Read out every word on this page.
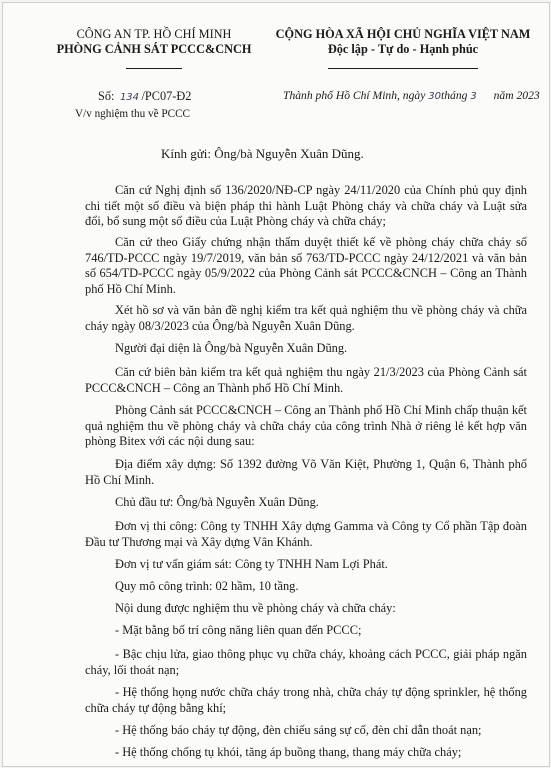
CÔNG AN TP. HỒ CHÍ MINH
PHÒNG CẢNH SÁT PCCC&CNCH
CỘNG HÒA XÃ HỘI CHỦ NGHĨA VIỆT NAM
Độc lập - Tự do - Hạnh phúc
Số: 134 /PC07-Đ2
V/v nghiệm thu về PCCC
Thành phố Hồ Chí Minh, ngày 30tháng 3 năm 2023
Kính gửi: Ông/bà Nguyễn Xuân Dũng.

Căn cứ Nghị định số 136/2020/NĐ-CP ngày 24/11/2020 của Chính phủ quy định chi tiết một số điều và biện pháp thi hành Luật Phòng cháy và chữa cháy và Luật sửa đổi, bổ sung một số điều của Luật Phòng cháy và chữa cháy;

Căn cứ theo Giấy chứng nhận thẩm duyệt thiết kế về phòng cháy chữa cháy số 746/TD-PCCC ngày 19/7/2019, văn bản số 763/TD-PCCC ngày 24/12/2021 và văn bản số 654/TD-PCCC ngày 05/9/2022 của Phòng Cảnh sát PCCC&CNCH – Công an Thành phố Hồ Chí Minh.

Xét hồ sơ và văn bản đề nghị kiểm tra kết quả nghiệm thu về phòng cháy và chữa cháy ngày 08/3/2023 của Ông/bà Nguyễn Xuân Dũng.

Người đại diện là Ông/bà Nguyễn Xuân Dũng.

Căn cứ biên bản kiểm tra kết quả nghiệm thu ngày 21/3/2023 của Phòng Cảnh sát PCCC&CNCH – Công an Thành phố Hồ Chí Minh.

Phòng Cảnh sát PCCC&CNCH – Công an Thành phố Hồ Chí Minh chấp thuận kết quả nghiệm thu về phòng cháy và chữa cháy của công trình Nhà ở riêng lẻ kết hợp văn phòng Bitex với các nội dung sau:

Địa điểm xây dựng: Số 1392 đường Võ Văn Kiệt, Phường 1, Quận 6, Thành phố Hồ Chí Minh.

Chủ đầu tư: Ông/bà Nguyễn Xuân Dũng.

Đơn vị thi công: Công ty TNHH Xây dựng Gamma và Công ty Cổ phần Tập đoàn Đầu tư Thương mại và Xây dựng Vân Khánh.

Đơn vị tư vấn giám sát: Công ty TNHH Nam Lợi Phát.

Quy mô công trình: 02 hầm, 10 tầng.

Nội dung được nghiệm thu về phòng cháy và chữa cháy:

- Mặt bằng bố trí công năng liên quan đến PCCC;

- Bậc chịu lửa, giao thông phục vụ chữa cháy, khoảng cách PCCC, giải pháp ngăn cháy, lối thoát nạn;

- Hệ thống họng nước chữa cháy trong nhà, chữa cháy tự động sprinkler, hệ thống chữa cháy tự động bằng khí;

- Hệ thống báo cháy tự động, đèn chiếu sáng sự cố, đèn chỉ dẫn thoát nạn;

- Hệ thống chống tụ khói, tăng áp buồng thang, thang máy chữa cháy;
